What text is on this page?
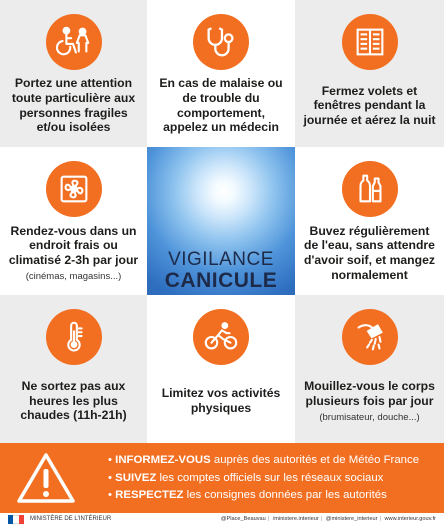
Portez une attention toute particulière aux personnes fragiles et/ou isolées
En cas de malaise ou de trouble du comportement, appelez un médecin
Fermez volets et fenêtres pendant la journée et aérez la nuit
Rendez-vous dans un endroit frais ou climatisé 2-3h par jour
(cinémas, magasins...)
VIGILANCE
CANICULE
Buvez régulièrement de l'eau, sans attendre d'avoir soif, et mangez normalement
Ne sortez pas aux heures les plus chaudes (11h-21h)
Limitez vos activités physiques
Mouillez-vous le corps plusieurs fois par jour
(brumisateur, douche...)
• INFORMEZ-VOUS auprès des autorités et de Météo France
• SUIVEZ les comptes officiels sur les réseaux sociaux
• RESPECTEZ les consignes données par les autorités
MINISTÈRE DE L'INTÉRIEUR	@Place_Beauvau | /ministere.interieur | @ministere_interieur | www.interieur.gouv.fr
